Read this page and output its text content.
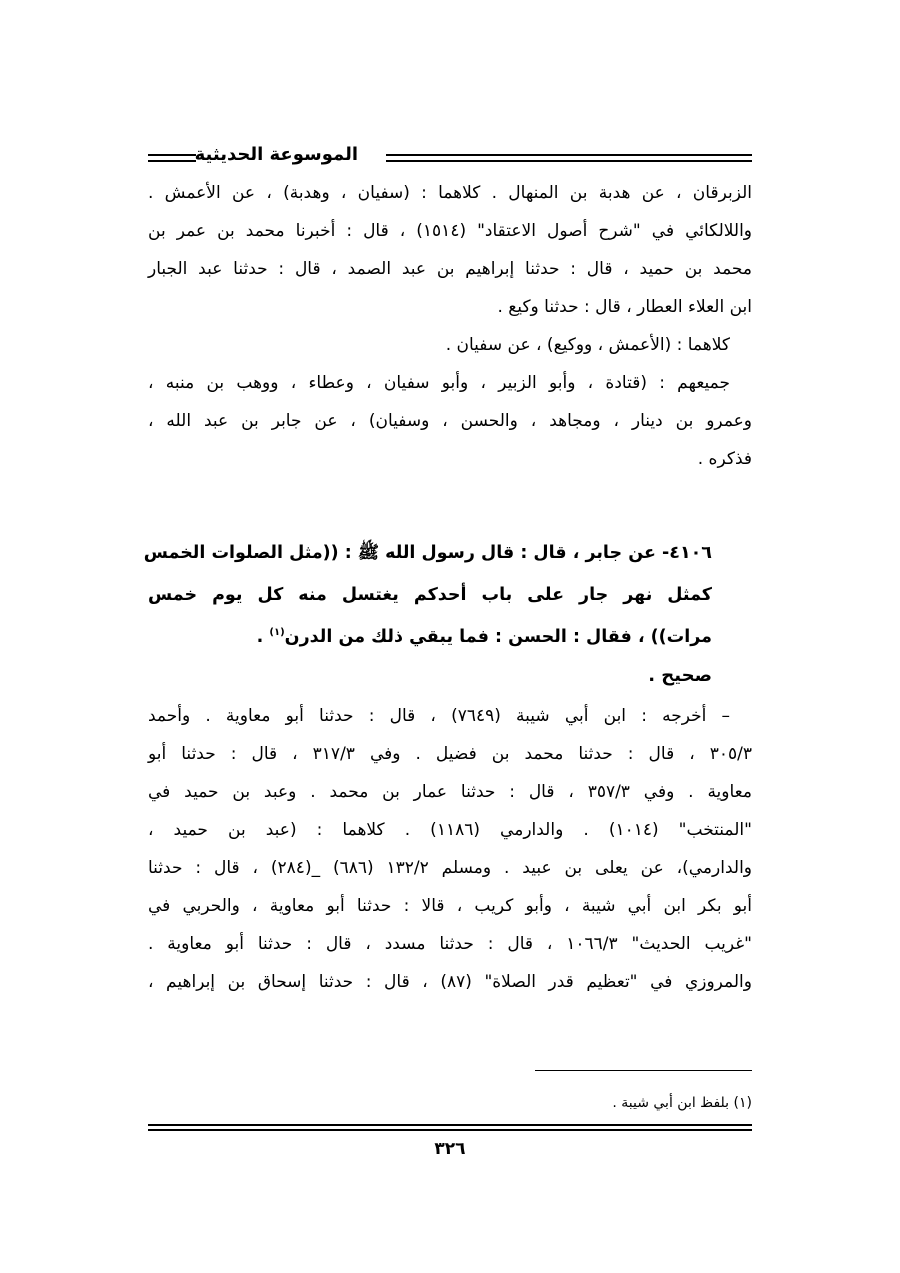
الموسوعة الحديثية
الزبرقان ، عن هدبة بن المنهال . كلاهما : (سفيان ، وهدبة) ، عن الأعمش .
واللالكائي في "شرح أصول الاعتقاد" (١٥١٤) ، قال : أخبرنا محمد بن عمر بن
محمد بن حميد ، قال : حدثنا إبراهيم بن عبد الصمد ، قال : حدثنا عبد الجبار
ابن العلاء العطار ، قال : حدثنا وكيع .
كلاهما : (الأعمش ، ووكيع) ، عن سفيان .
جميعهم : (قتادة ، وأبو الزبير ، وأبو سفيان ، وعطاء ، ووهب بن منبه ،
وعمرو بن دينار ، ومجاهد ، والحسن ، وسفيان) ، عن جابر بن عبد الله ،
فذكره .
٤١٠٦- عن جابر ، قال : قال رسول الله ﷺ : ((مثل الصلوات الخمس
كمثل نهر جار على باب أحدكم يغتسل منه كل يوم خمس
مرات)) ، فقال : الحسن : فما يبقي ذلك من الدرن$^{(١)}$ .
صحيح .
– أخرجه : ابن أبي شيبة (٧٦٤٩) ، قال : حدثنا أبو معاوية . وأحمد
٣٠٥/٣ ، قال : حدثنا محمد بن فضيل . وفي ٣١٧/٣ ، قال : حدثنا أبو
معاوية . وفي ٣٥٧/٣ ، قال : حدثنا عمار بن محمد . وعبد بن حميد في
"المنتخب" (١٠١٤) . والدارمي (١١٨٦) . كلاهما : (عبد بن حميد ،
والدارمي)، عن يعلى بن عبيد . ومسلم ١٣٢/٢ (٦٨٦) _(٢٨٤) ، قال : حدثنا
أبو بكر ابن أبي شيبة ، وأبو كريب ، قالا : حدثنا أبو معاوية ، والحربي في
"غريب الحديث" ١٠٦٦/٣ ، قال : حدثنا مسدد ، قال : حدثنا أبو معاوية .
والمروزي في "تعظيم قدر الصلاة" (٨٧) ، قال : حدثنا إسحاق بن إبراهيم ،
(١) بلفظ ابن أبي شيبة .
٣٢٦
